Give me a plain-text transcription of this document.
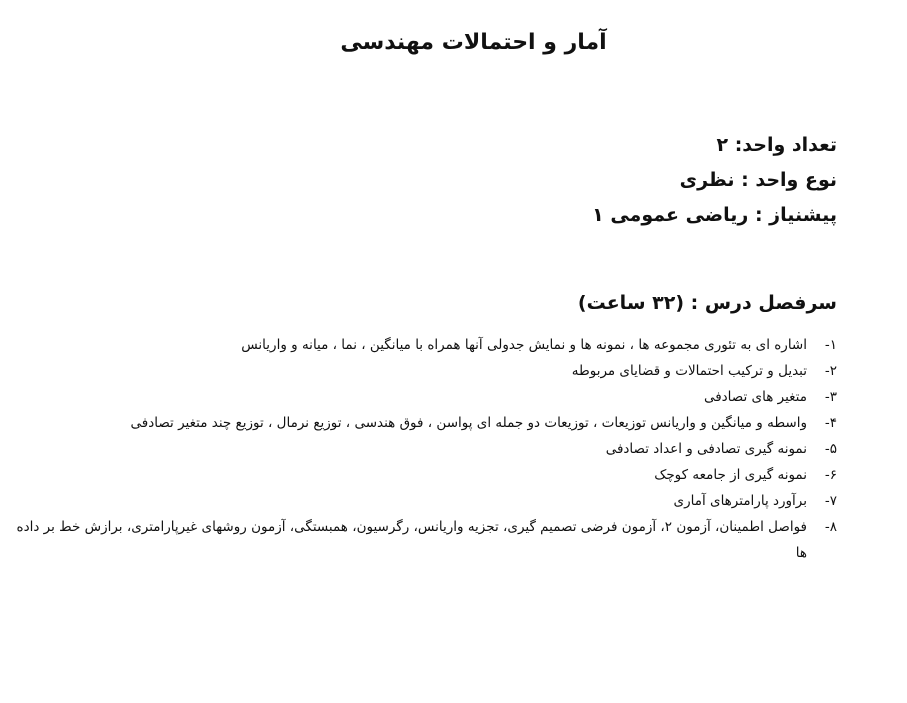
آمار و احتمالات مهندسی
تعداد واحد: ۲
نوع واحد : نظری
پیشنیاز : ریاضی عمومی ۱
سرفصل درس : (۳۲ ساعت)
۱-
اشاره ای به تئوری مجموعه ها ، نمونه ها و نمایش جدولی آنها همراه با میانگین ، نما ، میانه و واریانس
۲-
تبدیل و ترکیب احتمالات و قضایای مربوطه
۳-
متغیر های تصادفی
۴-
واسطه و میانگین و واریانس توزیعات ، توزیعات دو جمله ای پواسن ، فوق هندسی ، توزیع نرمال ، توزیع چند متغیر تصادفی
۵-
نمونه گیری تصادفی و اعداد تصادفی
۶-
نمونه گیری از جامعه کوچک
۷-
برآورد پارامترهای آماری
۸-
فواصل اطمینان، آزمون ۲، آزمون فرضی تصمیم گیری، تجزیه واریانس، رگرسیون، همبستگی، آزمون روشهای غیرپارامتری، برازش خط بر داده ها
